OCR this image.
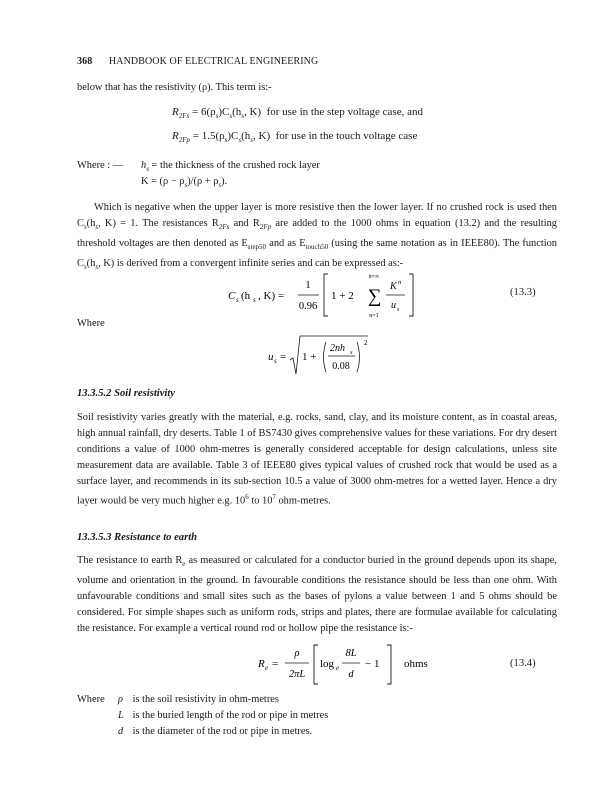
368 HANDBOOK OF ELECTRICAL ENGINEERING
below that has the resistivity (ρ). This term is:-
$R_{2Fs} = 6(\rho_s)C_s(h_s$, K) for use in the step voltage case, and
$R_{2Fp} = 1.5(\rho_s)C_s(h_s$, K) for use in the touch voltage case
Where : — $h_s$ = the thickness of the crushed rock layer
$K = (\rho - \rho_s)/(\rho + \rho_s)$.
Which is negative when the upper layer is more resistive then the lower layer. If no crushed rock is used then $C_s(h_s$, K) = 1. The resistances $R_{2Fs}$ and $R_{2Fp}$ are added to the 1000 ohms in equation (13.2) and the resulting threshold voltages are then denoted as $E_{step50}$ and as $E_{touch50}$ (using the same notation as in IEEE80). The function $C_s(h_s$, K) is derived from a convergent infinite series and can be expressed as:-
C s (h s , K) =
1
0.96
1 + 2 ∑
n=∞
n=1
K n
u s
(13.3)
Where
u s = 1 +
2nh s
0.08
2
13.3.5.2 Soil resistivity
Soil resistivity varies greatly with the material, e.g. rocks, sand, clay, and its moisture content, as in coastal areas, high annual rainfall, dry deserts. Table 1 of BS7430 gives comprehensive values for these variations. For dry desert conditions a value of 1000 ohm-metres is generally considered acceptable for design calculations, unless site measurement data are available. Table 3 of IEEE80 gives typical values of crushed rock that would be used as a surface layer, and recommends in its sub-section 10.5 a value of 3000 ohm-metres for a wetted layer. Hence a dry layer would be very much higher e.g. $10^6$ to $10^7$ ohm-metres.
13.3.5.3 Resistance to earth
The resistance to earth $R_e$ as measured or calculated for a conductor buried in the ground depends upon its shape, volume and orientation in the ground. In favourable conditions the resistance should be less than one ohm. With unfavourable conditions and small sites such as the bases of pylons a value between 1 and 5 ohms should be considered. For simple shapes such as uniform rods, strips and plates, there are formulae available for calculating the resistance. For example a vertical round rod or hollow pipe the resistance is:-
R e =
ρ
2πL
log e
8L
d
− 1 ohms	(13.4)
Where ρ is the soil resistivity in ohm-metres
L is the buried length of the rod or pipe in metres
d is the diameter of the rod or pipe in metres.
